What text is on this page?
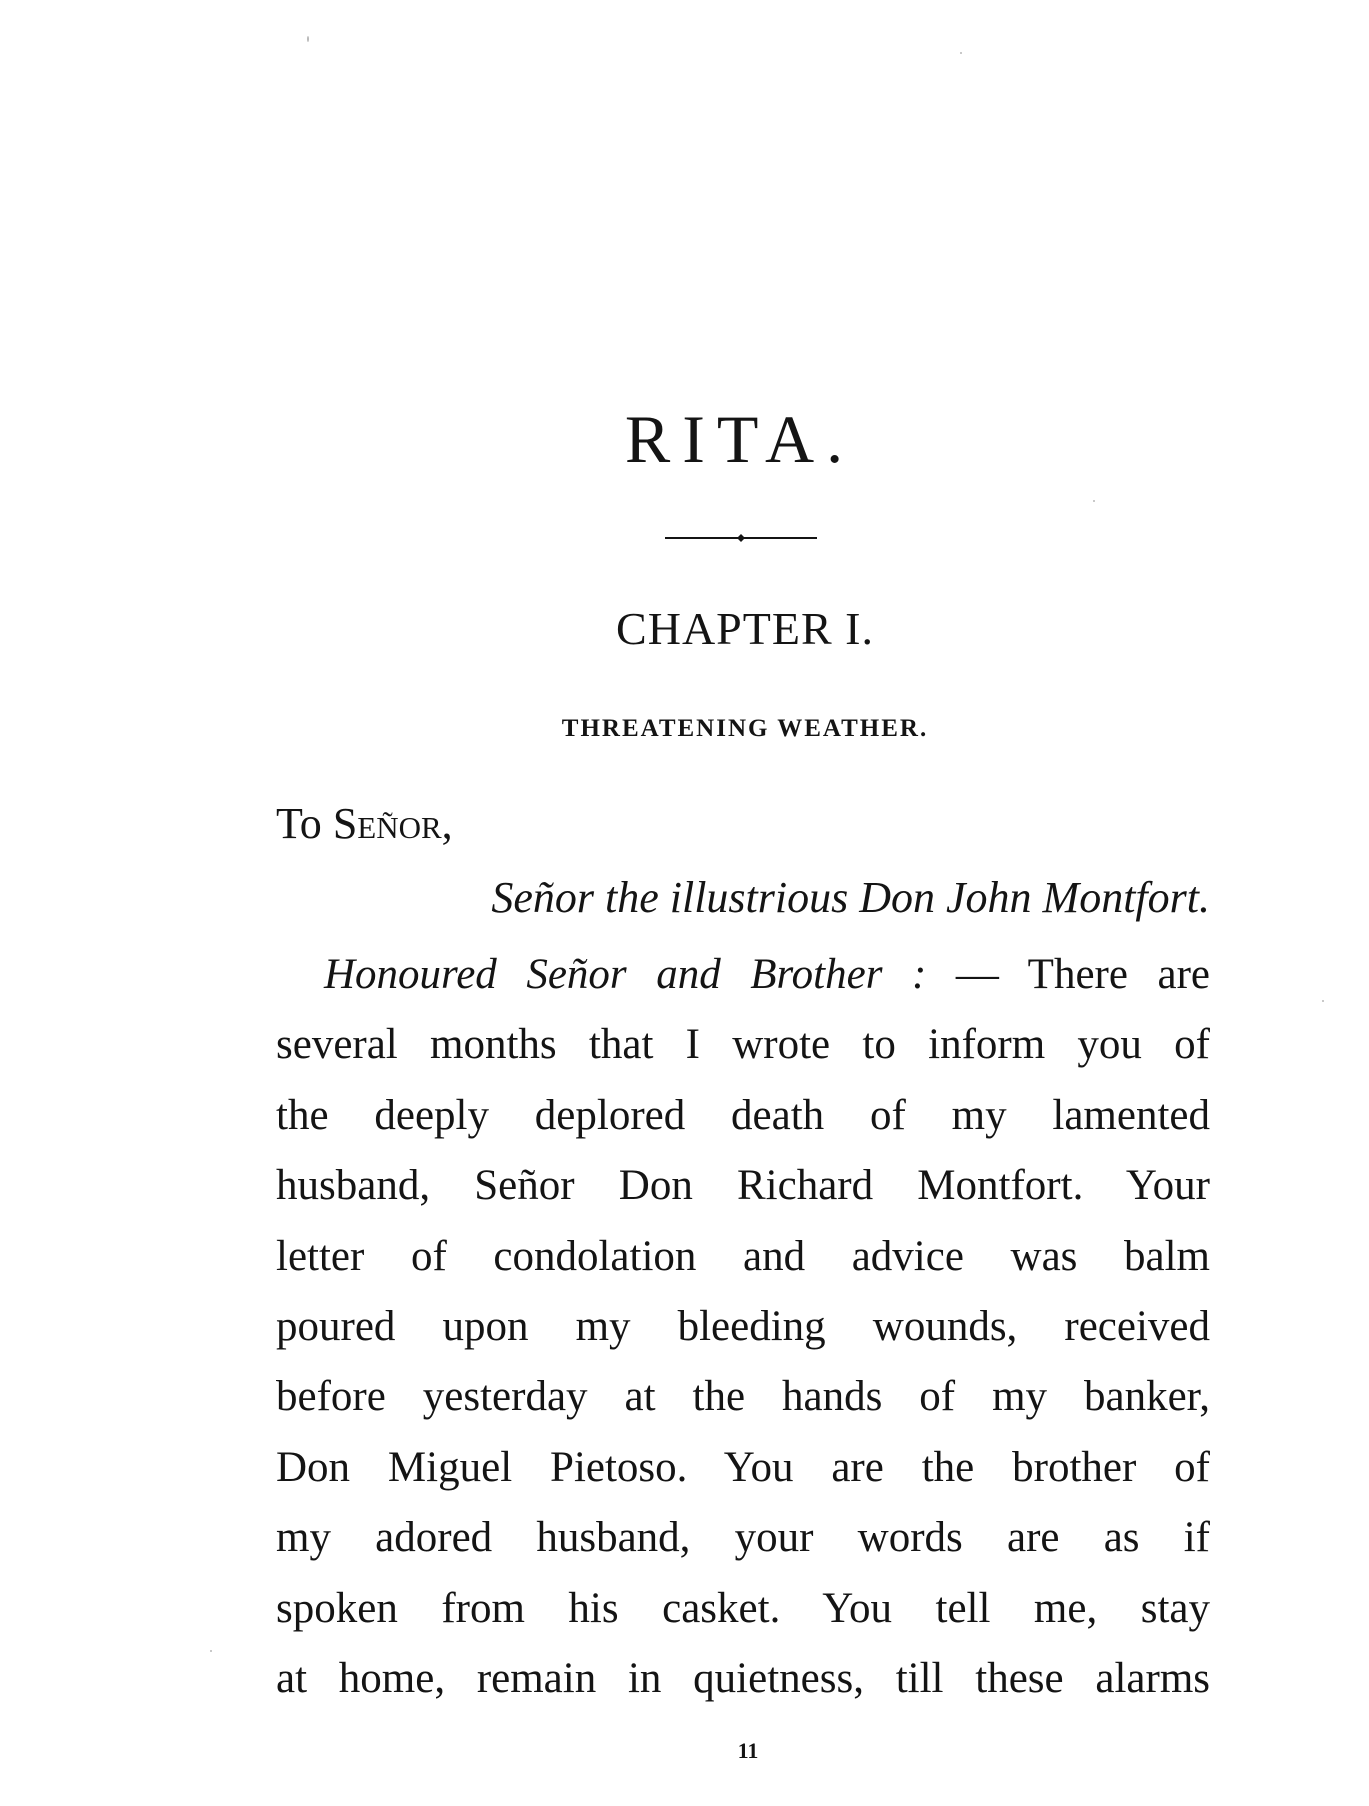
RITA.
CHAPTER I.
THREATENING WEATHER.
To Señor,
Señor the illustrious Don John Montfort.
Honoured Señor and Brother : — There are
several months that I wrote to inform you of
the deeply deplored death of my lamented
husband, Señor Don Richard Montfort. Your
letter of condolation and advice was balm
poured upon my bleeding wounds, received
before yesterday at the hands of my banker,
Don Miguel Pietoso. You are the brother of
my adored husband, your words are as if
spoken from his casket. You tell me, stay
at home, remain in quietness, till these alarms
11
